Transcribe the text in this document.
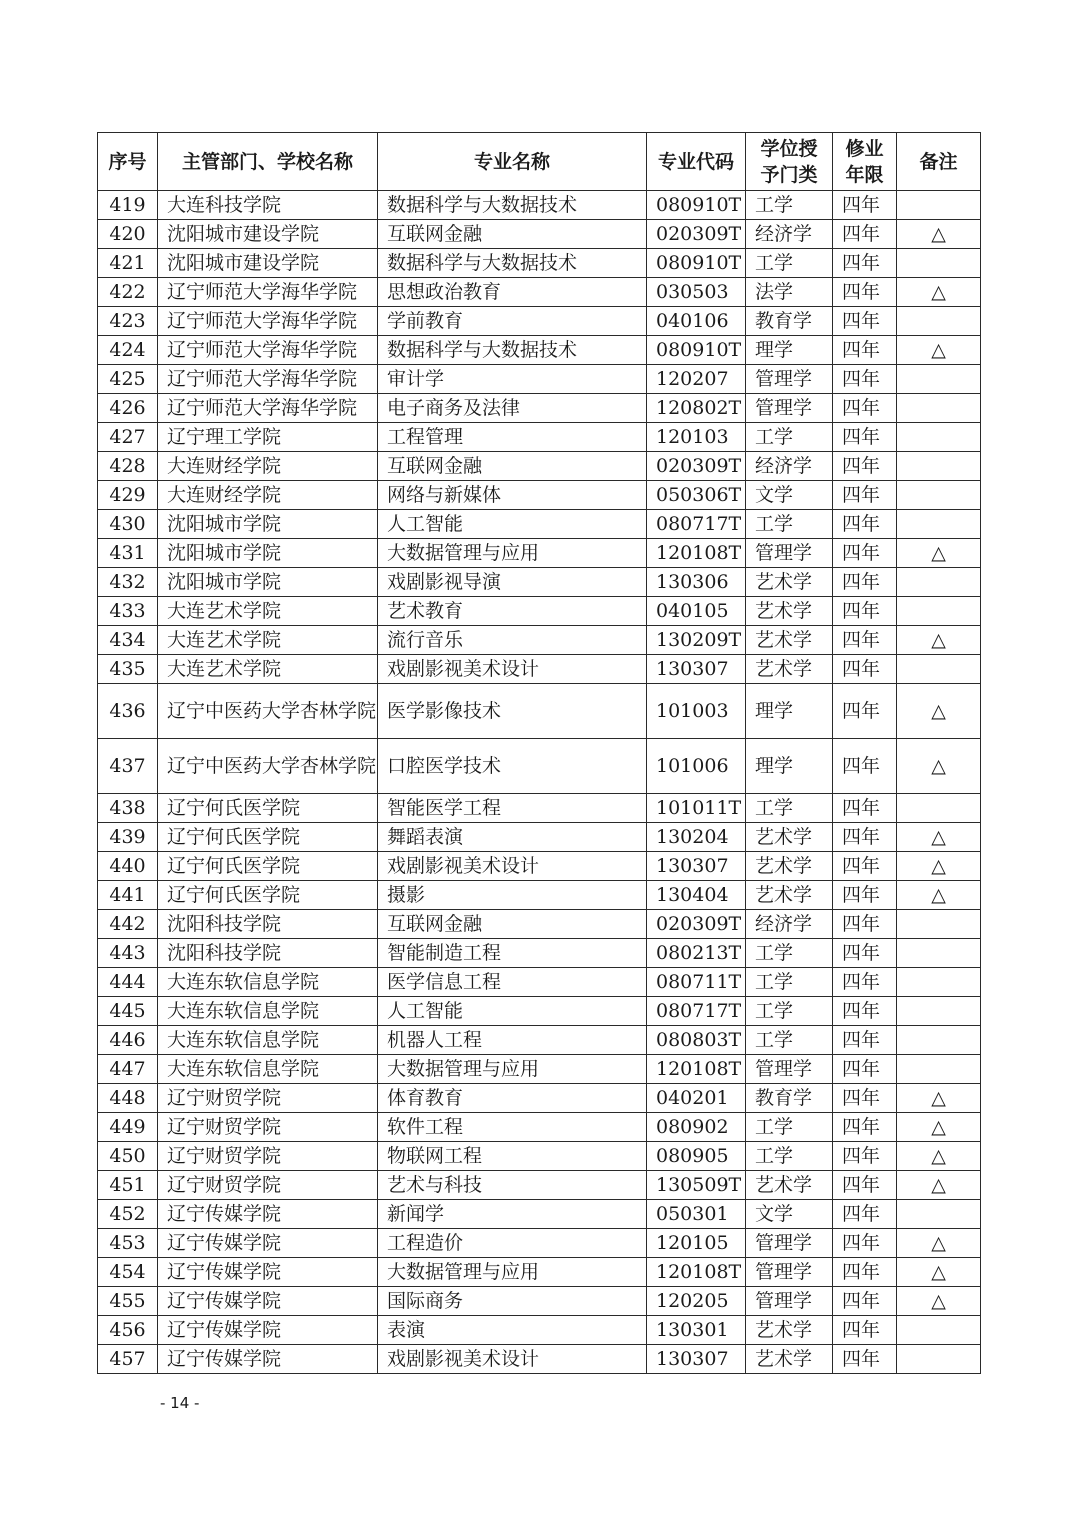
序号	主管部门、学校名称	专业名称	专业代码	学位授予门类	修业年限	备注
419	大连科技学院	数据科学与大数据技术	080910T	工学	四年	
420	沈阳城市建设学院	互联网金融	020309T	经济学	四年	△
421	沈阳城市建设学院	数据科学与大数据技术	080910T	工学	四年	
422	辽宁师范大学海华学院	思想政治教育	030503	法学	四年	△
423	辽宁师范大学海华学院	学前教育	040106	教育学	四年	
424	辽宁师范大学海华学院	数据科学与大数据技术	080910T	理学	四年	△
425	辽宁师范大学海华学院	审计学	120207	管理学	四年	
426	辽宁师范大学海华学院	电子商务及法律	120802T	管理学	四年	
427	辽宁理工学院	工程管理	120103	工学	四年	
428	大连财经学院	互联网金融	020309T	经济学	四年	
429	大连财经学院	网络与新媒体	050306T	文学	四年	
430	沈阳城市学院	人工智能	080717T	工学	四年	
431	沈阳城市学院	大数据管理与应用	120108T	管理学	四年	△
432	沈阳城市学院	戏剧影视导演	130306	艺术学	四年	
433	大连艺术学院	艺术教育	040105	艺术学	四年	
434	大连艺术学院	流行音乐	130209T	艺术学	四年	△
435	大连艺术学院	戏剧影视美术设计	130307	艺术学	四年	
436	辽宁中医药大学杏林学院	医学影像技术	101003	理学	四年	△
437	辽宁中医药大学杏林学院	口腔医学技术	101006	理学	四年	△
438	辽宁何氏医学院	智能医学工程	101011T	工学	四年	
439	辽宁何氏医学院	舞蹈表演	130204	艺术学	四年	△
440	辽宁何氏医学院	戏剧影视美术设计	130307	艺术学	四年	△
441	辽宁何氏医学院	摄影	130404	艺术学	四年	△
442	沈阳科技学院	互联网金融	020309T	经济学	四年	
443	沈阳科技学院	智能制造工程	080213T	工学	四年	
444	大连东软信息学院	医学信息工程	080711T	工学	四年	
445	大连东软信息学院	人工智能	080717T	工学	四年	
446	大连东软信息学院	机器人工程	080803T	工学	四年	
447	大连东软信息学院	大数据管理与应用	120108T	管理学	四年	
448	辽宁财贸学院	体育教育	040201	教育学	四年	△
449	辽宁财贸学院	软件工程	080902	工学	四年	△
450	辽宁财贸学院	物联网工程	080905	工学	四年	△
451	辽宁财贸学院	艺术与科技	130509T	艺术学	四年	△
452	辽宁传媒学院	新闻学	050301	文学	四年	
453	辽宁传媒学院	工程造价	120105	管理学	四年	△
454	辽宁传媒学院	大数据管理与应用	120108T	管理学	四年	△
455	辽宁传媒学院	国际商务	120205	管理学	四年	△
456	辽宁传媒学院	表演	130301	艺术学	四年	
457	辽宁传媒学院	戏剧影视美术设计	130307	艺术学	四年	
- 14 -
